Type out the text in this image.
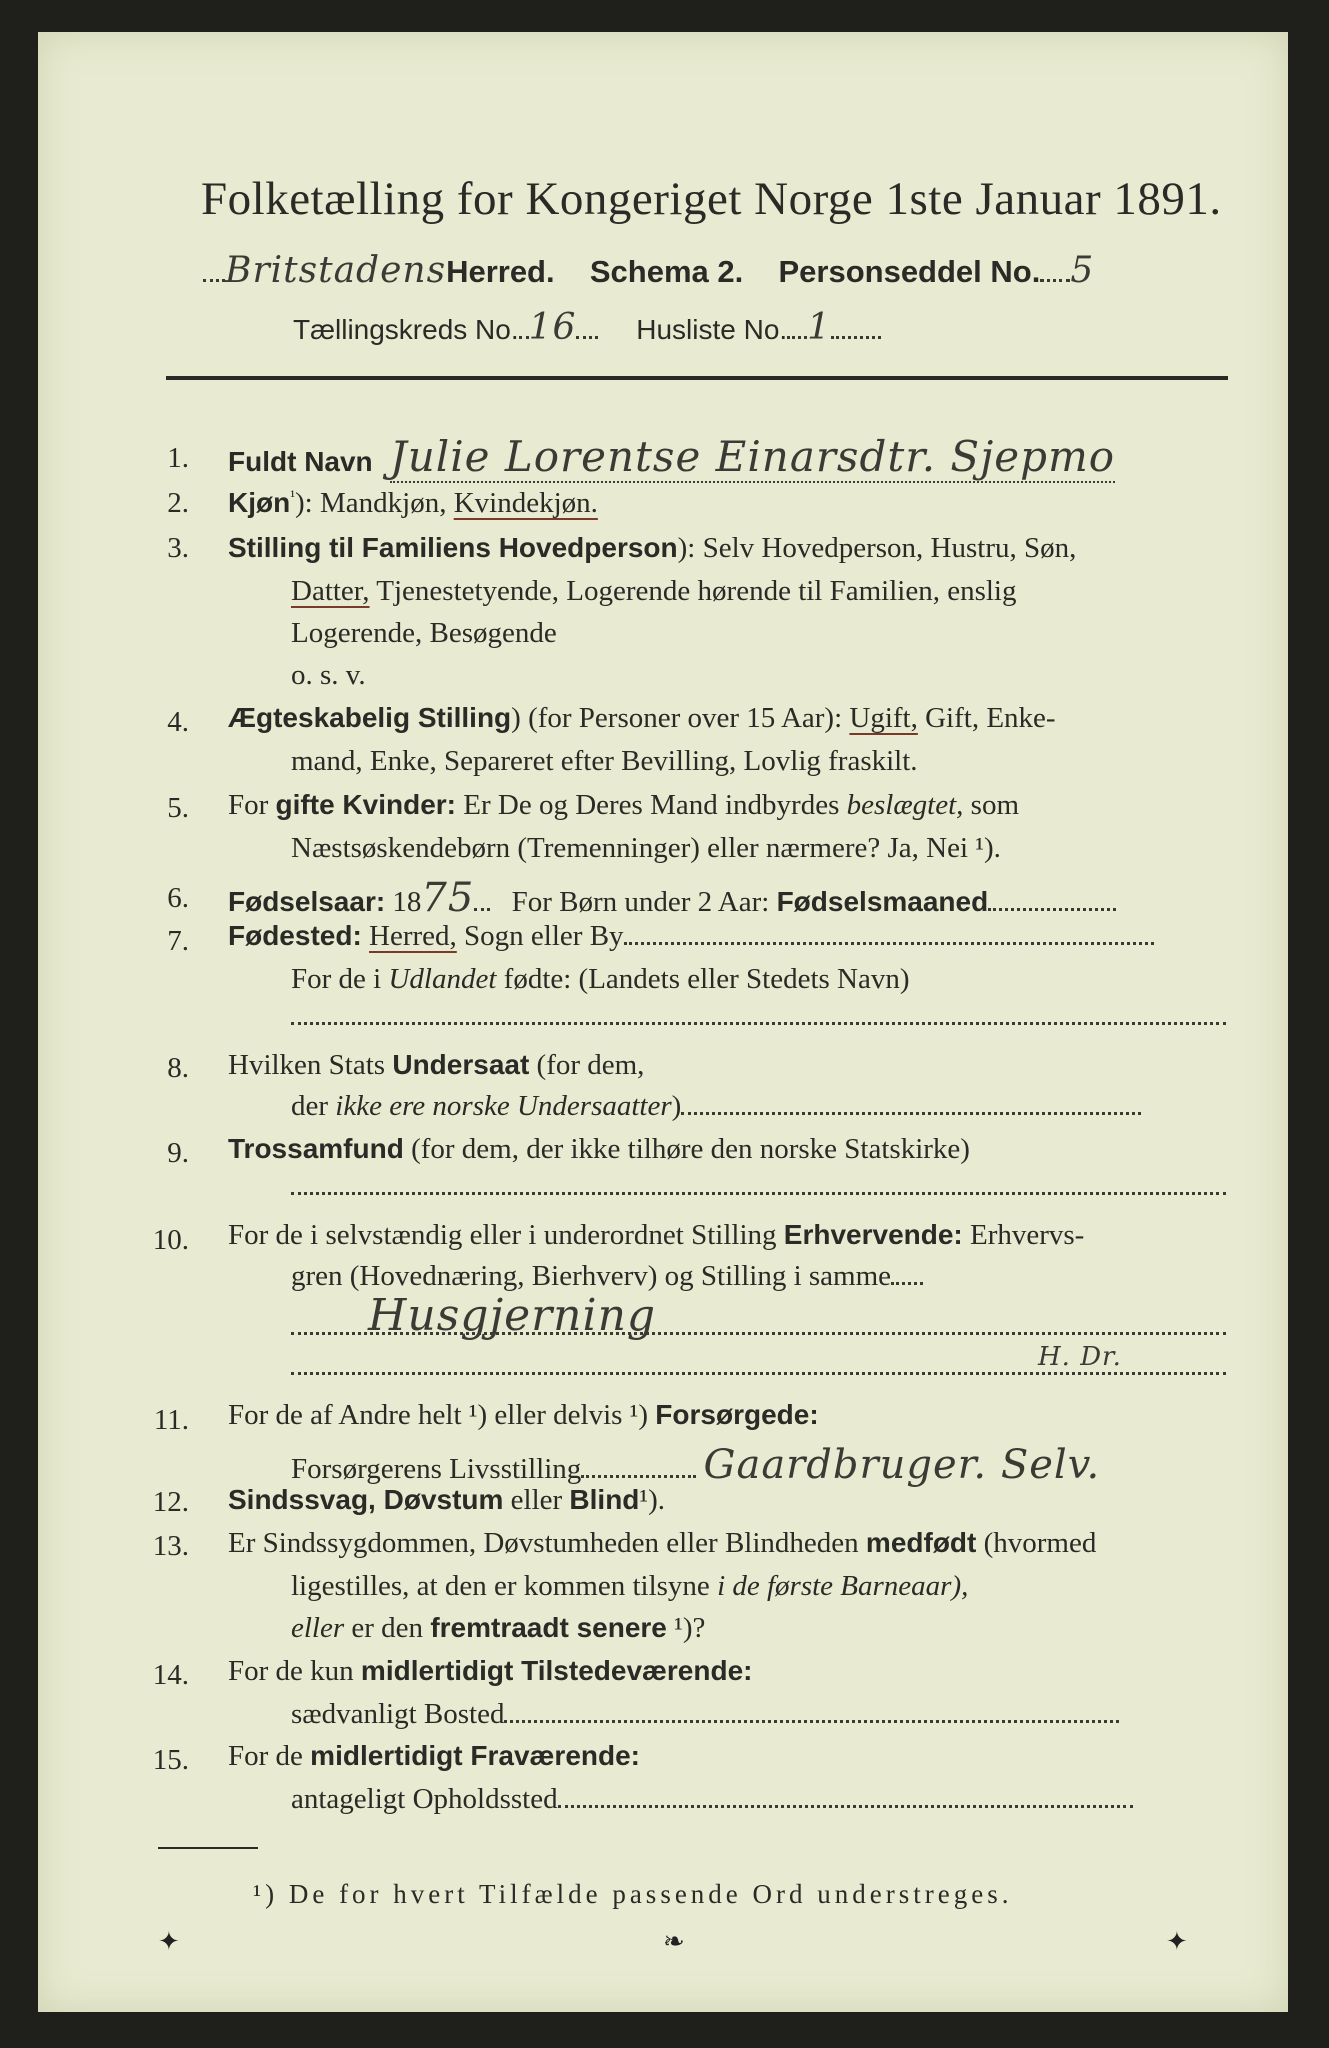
Folketælling for Kongeriget Norge 1ste Januar 1891.
BritstadensHerred. Schema 2. Personseddel No. 5
Tællingskreds No. 16 Husliste No. 1
1. Fuldt Navn Julie Lorentse Einarsdtr. Sjepmo
2. Kjøn$^{^1}$): Mandkjøn, Kvindekjøn.
3. Stilling til Familiens Hovedperson): Selv Hovedperson, Hustru, Søn,
Datter, Tjenestetyende, Logerende hørende til Familien, enslig
Logerende, Besøgende
o. s. v.
4. Ægteskabelig Stilling) (for Personer over 15 Aar): Ugift, Gift, Enke-
mand, Enke, Separeret efter Bevilling, Lovlig fraskilt.
5. For gifte Kvinder: Er De og Deres Mand indbyrdes beslægtet, som
Næstsøskendebørn (Tremenninger) eller nærmere? Ja, Nei ¹).
6. Fødselsaar: 1875 For Børn under 2 Aar: Fødselsmaaned
7. Fødested: Herred, Sogn eller By
For de i Udlandet fødte: (Landets eller Stedets Navn)
8. Hvilken Stats Undersaat (for dem,
der ikke ere norske Undersaatter)
9. Trossamfund (for dem, der ikke tilhøre den norske Statskirke)
10. For de i selvstændig eller i underordnet Stilling Erhvervende: Erhvervs-
gren (Hovednæring, Bierhverv) og Stilling i samme
Husgjerning
H. Dr.
11. For de af Andre helt ¹) eller delvis ¹) Forsørgede:
Forsørgerens Livsstilling	Gaardbruger. Selv.
12. Sindssvag, Døvstum eller Blind¹).
13. Er Sindssygdommen, Døvstumheden eller Blindheden medfødt (hvormed
ligestilles, at den er kommen tilsyne i de første Barneaar),
eller er den fremtraadt senere ¹)?
14. For de kun midlertidigt Tilstedeværende:
sædvanligt Bosted
15. For de midlertidigt Fraværende:
antageligt Opholdssted
¹) De for hvert Tilfælde passende Ord understreges.
✦	❧	✦
